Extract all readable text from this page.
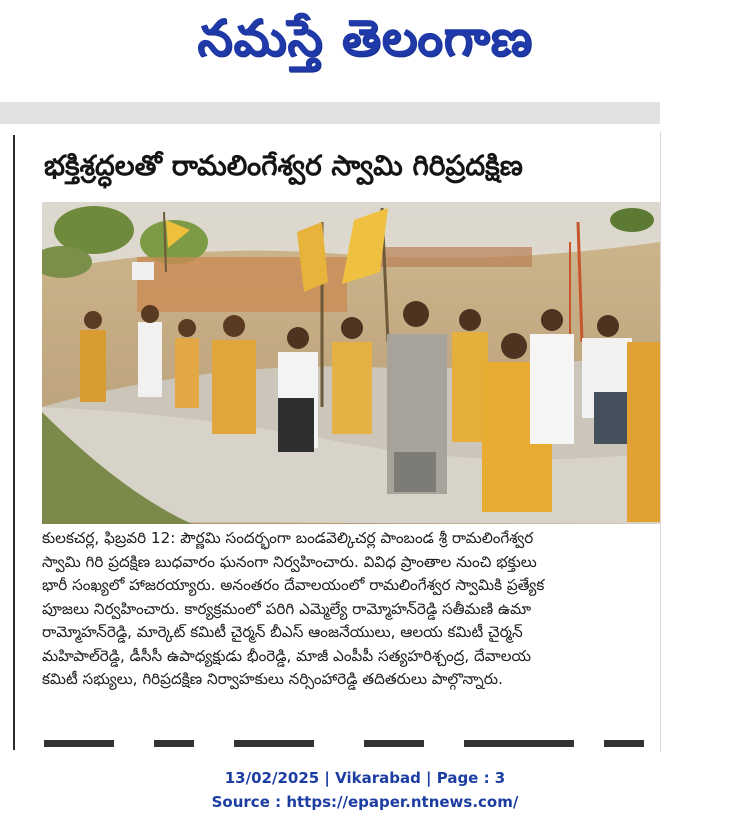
నమస్తే తెలంగాణ
భక్తిశ్రద్ధలతో రామలింగేశ్వర స్వామి గిరిప్రదక్షిణ

కులకచర్ల, ఫిబ్రవరి 12: పౌర్ణమి సందర్భంగా బండవెల్కిచర్ల పాంబండ శ్రీ రామలింగేశ్వర

స్వామి గిరి ప్రదక్షిణ బుధవారం ఘనంగా నిర్వహించారు. వివిధ ప్రాంతాల నుంచి భక్తులు

భారీ సంఖ్యలో హాజరయ్యారు. అనంతరం దేవాలయంలో రామలింగేశ్వర స్వామికి ప్రత్యేక

పూజలు నిర్వహించారు. కార్యక్రమంలో పరిగి ఎమ్మెల్యే రామ్మోహన్‌రెడ్డి సతీమణి ఉమా

రామ్మోహన్‌రెడ్డి, మార్కెట్ కమిటీ చైర్మన్ బీఎస్ ఆంజనేయులు, ఆలయ కమిటీ చైర్మన్

మహిపాల్‌రెడ్డి, డీసీసీ ఉపాధ్యక్షుడు భీంరెడ్డి, మాజీ ఎంపీపీ సత్యహరిశ్చంద్ర, దేవాలయ

కమిటీ సభ్యులు, గిరిప్రదక్షిణ నిర్వాహకులు నర్సింహారెడ్డి తదితరులు పాల్గొన్నారు.

13/02/2025 | Vikarabad | Page : 3
Source : https://epaper.ntnews.com/
